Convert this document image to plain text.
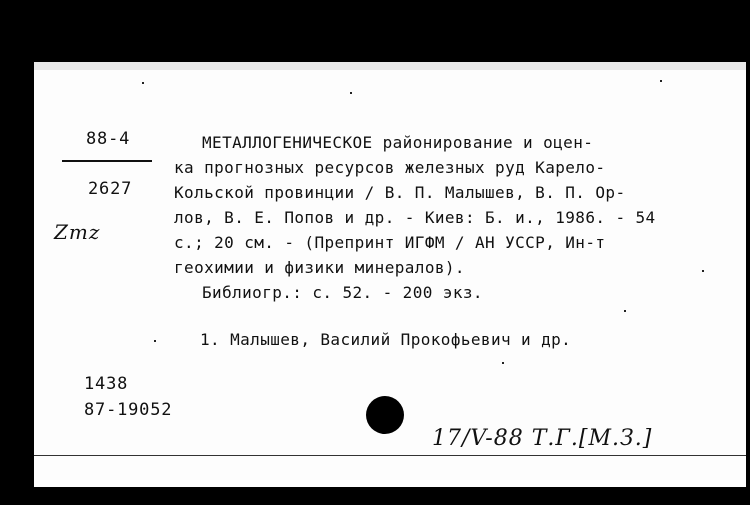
88-4
2627
Zmz
МЕТАЛЛОГЕНИЧЕСКОЕ районирование и оцен-
ка прогнозных ресурсов железных руд Карело-
Кольской провинции / В. П. Малышев, В. П. Ор-
лов, В. Е. Попов и др. - Киев: Б. и., 1986. - 54
с.; 20 см. - (Препринт ИГФМ / АН УССР, Ин-т
геохимии и физики минералов).
Библиогр.: с. 52. - 200 экз.
1. Малышев, Василий Прокофьевич и др.
1438
87-19052
17/V-88 Т.Г.[М.З.]
